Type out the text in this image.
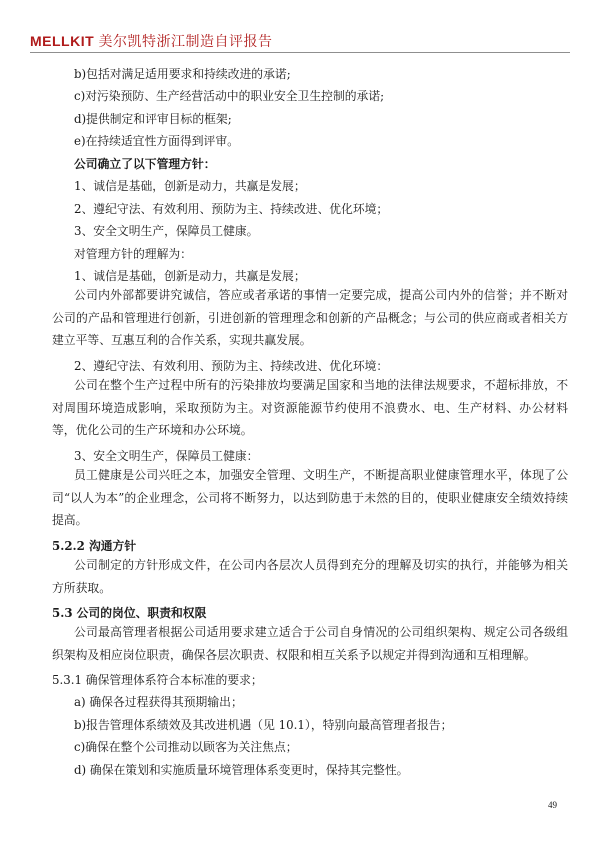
MELLKIT 美尔凯特浙江制造自评报告
b)包括对满足适用要求和持续改进的承诺;
c)对污染预防、生产经营活动中的职业安全卫生控制的承诺;
d)提供制定和评审目标的框架;
e)在持续适宜性方面得到评审。
公司确立了以下管理方针：
1、诚信是基础，创新是动力，共赢是发展；
2、遵纪守法、有效利用、预防为主、持续改进、优化环境；
3、安全文明生产，保障员工健康。
对管理方针的理解为：
1、诚信是基础，创新是动力，共赢是发展；
公司内外部都要讲究诚信，答应或者承诺的事情一定要完成，提高公司内外的信誉；并不断对公司的产品和管理进行创新，引进创新的管理理念和创新的产品概念；与公司的供应商或者相关方建立平等、互惠互利的合作关系，实现共赢发展。
2、遵纪守法、有效利用、预防为主、持续改进、优化环境：
公司在整个生产过程中所有的污染排放均要满足国家和当地的法律法规要求，不超标排放，不对周围环境造成影响，采取预防为主。对资源能源节约使用不浪费水、电、生产材料、办公材料等，优化公司的生产环境和办公环境。
3、安全文明生产，保障员工健康：
员工健康是公司兴旺之本，加强安全管理、文明生产，不断提高职业健康管理水平，体现了公司“以人为本”的企业理念，公司将不断努力，以达到防患于未然的目的，使职业健康安全绩效持续提高。
5.2.2 沟通方针
公司制定的方针形成文件，在公司内各层次人员得到充分的理解及切实的执行，并能够为相关方所获取。
5.3 公司的岗位、职责和权限
公司最高管理者根据公司适用要求建立适合于公司自身情况的公司组织架构、规定公司各级组织架构及相应岗位职责，确保各层次职责、权限和相互关系予以规定并得到沟通和互相理解。
5.3.1 确保管理体系符合本标准的要求；
a) 确保各过程获得其预期输出；
b)报告管理体系绩效及其改进机遇（见 10.1），特别向最高管理者报告；
c)确保在整个公司推动以顾客为关注焦点；
d) 确保在策划和实施质量环境管理体系变更时，保持其完整性。
49
